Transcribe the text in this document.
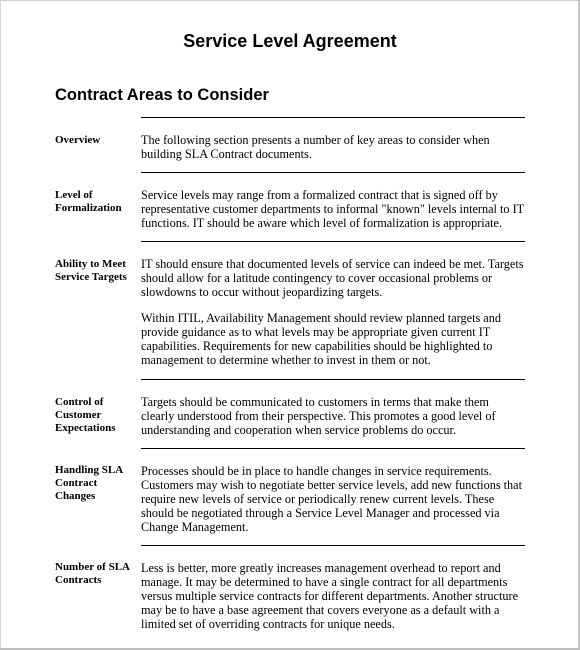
Service Level Agreement
Contract Areas to Consider
Overview	The following section presents a number of key areas to consider when

building SLA Contract documents.

Level of
Formalization

Service levels may range from a formalized contract that is signed off by

representative customer departments to informal "known" levels internal to IT

functions. IT should be aware which level of formalization is appropriate.

Ability to Meet
Service Targets

IT should ensure that documented levels of service can indeed be met. Targets

should allow for a latitude contingency to cover occasional problems or

slowdowns to occur without jeopardizing targets.

Within ITIL, Availability Management should review planned targets and

provide guidance as to what levels may be appropriate given current IT

capabilities. Requirements for new capabilities should be highlighted to

management to determine whether to invest in them or not.

Control of
Customer
Expectations

Targets should be communicated to customers in terms that make them

clearly understood from their perspective. This promotes a good level of

understanding and cooperation when service problems do occur.

Handling SLA
Contract
Changes

Processes should be in place to handle changes in service requirements.

Customers may wish to negotiate better service levels, add new functions that

require new levels of service or periodically renew current levels. These

should be negotiated through a Service Level Manager and processed via

Change Management.

Number of SLA
Contracts

Less is better, more greatly increases management overhead to report and

manage. It may be determined to have a single contract for all departments

versus multiple service contracts for different departments. Another structure

may be to have a base agreement that covers everyone as a default with a

limited set of overriding contracts for unique needs.
